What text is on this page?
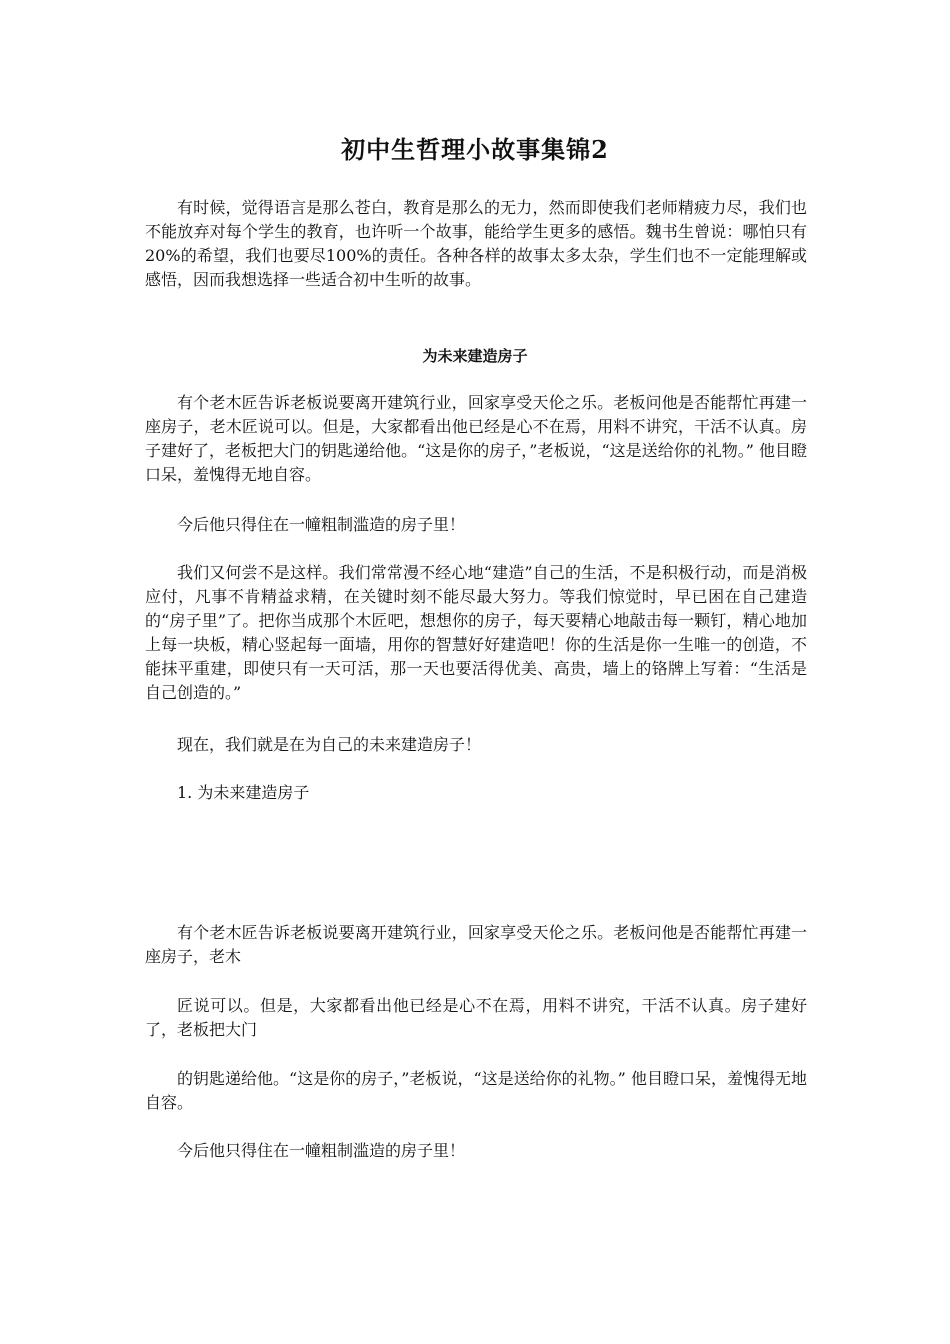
初中生哲理小故事集锦2

有时候，觉得语言是那么苍白，教育是那么的无力，然而即使我们老师精疲力尽，我们也不能放弃对每个学生的教育，也许听一个故事，能给学生更多的感悟。魏书生曾说：哪怕只有20%的希望，我们也要尽100%的责任。各种各样的故事太多太杂，学生们也不一定能理解或感悟，因而我想选择一些适合初中生听的故事。

为未来建造房子

有个老木匠告诉老板说要离开建筑行业，回家享受天伦之乐。老板问他是否能帮忙再建一座房子，老木匠说可以。但是，大家都看出他已经是心不在焉，用料不讲究，干活不认真。房子建好了，老板把大门的钥匙递给他。“这是你的房子，”老板说，“这是送给你的礼物。” 他目瞪口呆，羞愧得无地自容。

今后他只得住在一幢粗制滥造的房子里！

我们又何尝不是这样。我们常常漫不经心地“建造”自己的生活，不是积极行动，而是消极应付，凡事不肯精益求精，在关键时刻不能尽最大努力。等我们惊觉时，早已困在自己建造的“房子里”了。把你当成那个木匠吧，想想你的房子，每天要精心地敲击每一颗钉，精心地加上每一块板，精心竖起每一面墙，用你的智慧好好建造吧！你的生活是你一生唯一的创造，不能抹平重建，即使只有一天可活，那一天也要活得优美、高贵，墙上的铬牌上写着：“生活是自己创造的。”

现在，我们就是在为自己的未来建造房子！

1. 为未来建造房子

有个老木匠告诉老板说要离开建筑行业，回家享受天伦之乐。老板问他是否能帮忙再建一座房子，老木

匠说可以。但是，大家都看出他已经是心不在焉，用料不讲究，干活不认真。房子建好了，老板把大门

的钥匙递给他。“这是你的房子，”老板说，“这是送给你的礼物。” 他目瞪口呆，羞愧得无地自容。

今后他只得住在一幢粗制滥造的房子里！
